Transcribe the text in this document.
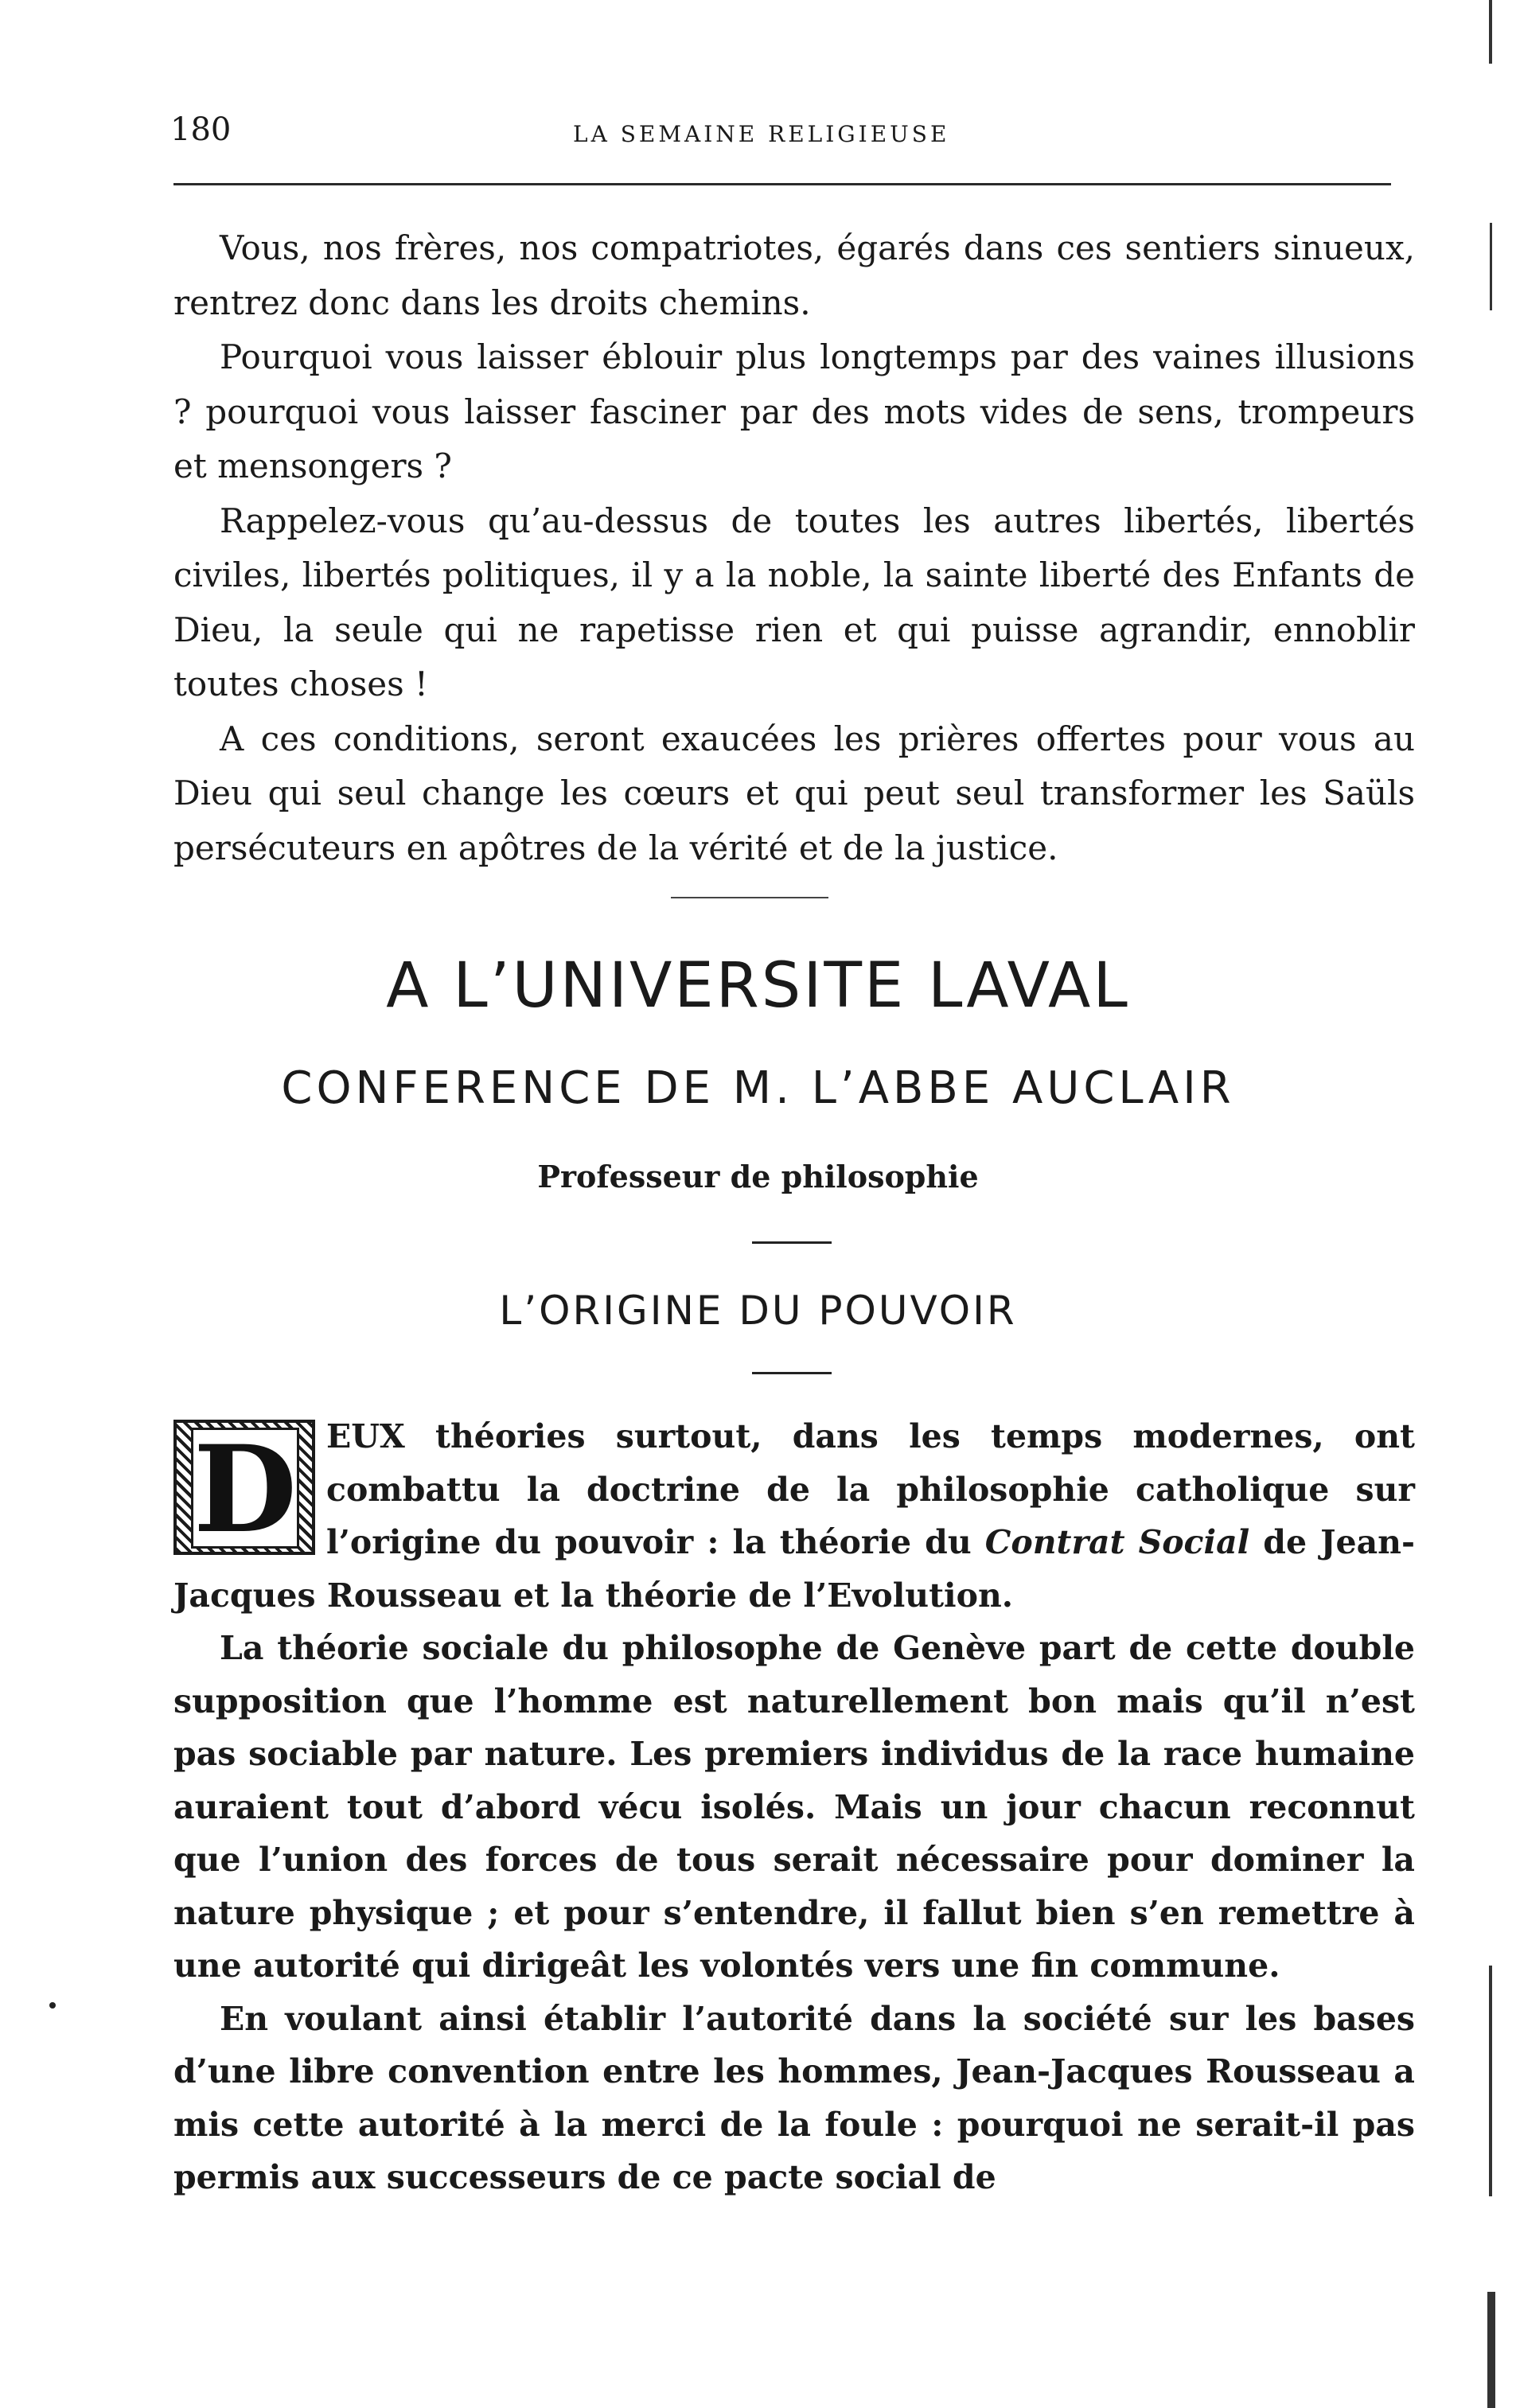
180	LA SEMAINE RELIGIEUSE

Vous, nos frères, nos compatriotes, égarés dans ces sentiers sinueux, rentrez donc dans les droits chemins.

Pourquoi vous laisser éblouir plus longtemps par des vaines illusions ? pourquoi vous laisser fasciner par des mots vides de sens, trompeurs et mensongers ?

Rappelez-vous qu’au-dessus de toutes les autres libertés, libertés civiles, libertés politiques, il y a la noble, la sainte liberté des Enfants de Dieu, la seule qui ne rapetisse rien et qui puisse agrandir, ennoblir toutes choses !

A ces conditions, seront exaucées les prières offertes pour vous au Dieu qui seul change les cœurs et qui peut seul transformer les Saüls persécuteurs en apôtres de la vérité et de la justice.

A L’UNIVERSITE LAVAL
CONFERENCE DE M. L’ABBE AUCLAIR
Professeur de philosophie
L’ORIGINE DU POUVOIR

D EUX théories surtout, dans les temps modernes, ont combattu la doctrine de la philosophie catholique sur l’origine du pouvoir : la théorie du Contrat Social de Jean-Jacques Rousseau et la théorie de l’Evolution.

La théorie sociale du philosophe de Genève part de cette double supposition que l’homme est naturellement bon mais qu’il n’est pas sociable par nature. Les premiers individus de la race humaine auraient tout d’abord vécu isolés. Mais un jour chacun reconnut que l’union des forces de tous serait nécessaire pour dominer la nature physique ; et pour s’entendre, il fallut bien s’en remettre à une autorité qui dirigeât les volontés vers une fin commune.

En voulant ainsi établir l’autorité dans la société sur les bases d’une libre convention entre les hommes, Jean-Jacques Rousseau a mis cette autorité à la merci de la foule : pourquoi ne serait-il pas permis aux successeurs de ce pacte social de
